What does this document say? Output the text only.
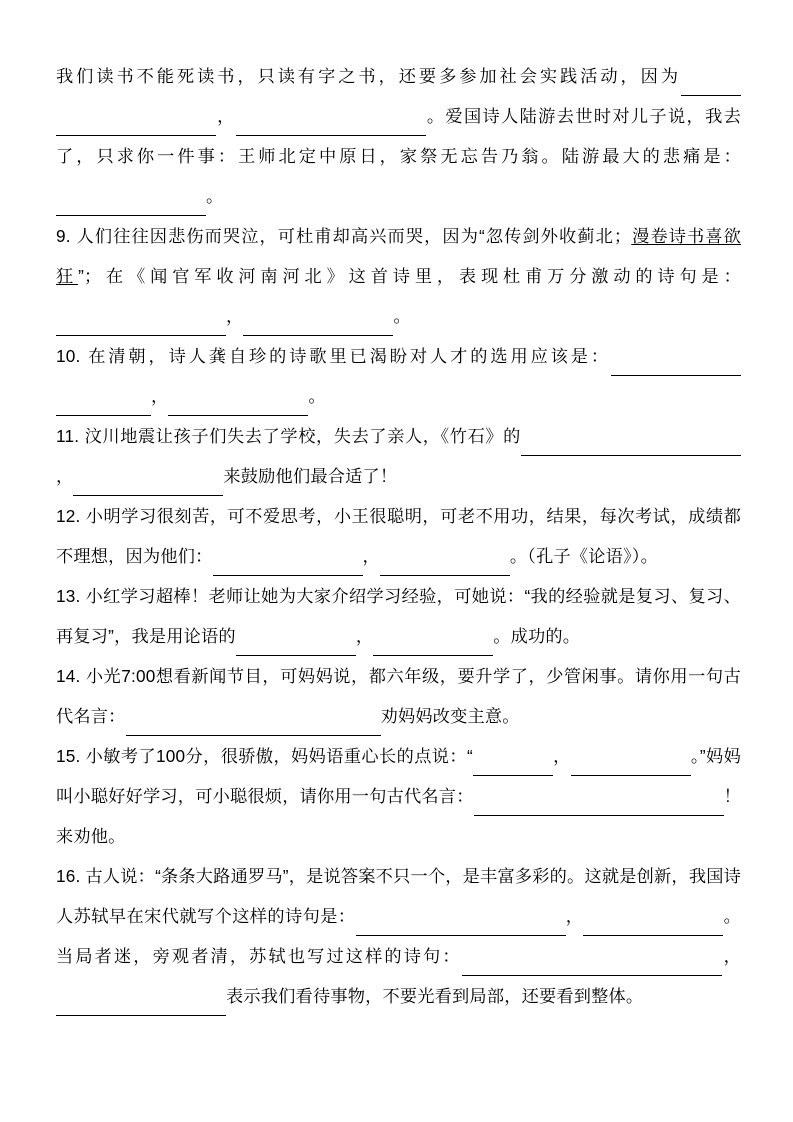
我们读书不能死读书，只读有字之书，还要多参加社会实践活动，因为，	。爱国诗人陆游去世时对儿子说，我去了，只求你一件事：王师北定中原日，家祭无忘告乃翁。陆游最大的悲痛是：。

9. 人们往往因悲伤而哭泣，可杜甫却高兴而哭，因为“忽传剑外收蓟北；漫卷诗书喜欲狂”；在《闻官军收河南河北》这首诗里，表现杜甫万分激动的诗句是：，	。

10. 在清朝，诗人龚自珍的诗歌里已渴盼对人才的选用应该是：，	。

11. 汶川地震让孩子们失去了学校，失去了亲人，《竹石》的，	来鼓励他们最合适了！

12. 小明学习很刻苦，可不爱思考，小王很聪明，可老不用功，结果，每次考试，成绩都不理想，因为他们：	，	。（孔子《论语》）。

13. 小红学习超棒！老师让她为大家介绍学习经验，可她说：“我的经验就是复习、复习、再复习”，我是用论语的	，	。成功的。

14. 小光7:00想看新闻节目，可妈妈说，都六年级，要升学了，少管闲事。请你用一句古代名言：	劝妈妈改变主意。

15. 小敏考了100分，很骄傲，妈妈语重心长的点说：“	，	。”妈妈叫小聪好好学习，可小聪很烦，请你用一句古代名言：	！来劝他。

16. 古人说：“条条大路通罗马”，是说答案不只一个，是丰富多彩的。这就是创新，我国诗人苏轼早在宋代就写个这样的诗句是：	，	。当局者迷，旁观者清，苏轼也写过这样的诗句：	，表示我们看待事物，不要光看到局部，还要看到整体。
